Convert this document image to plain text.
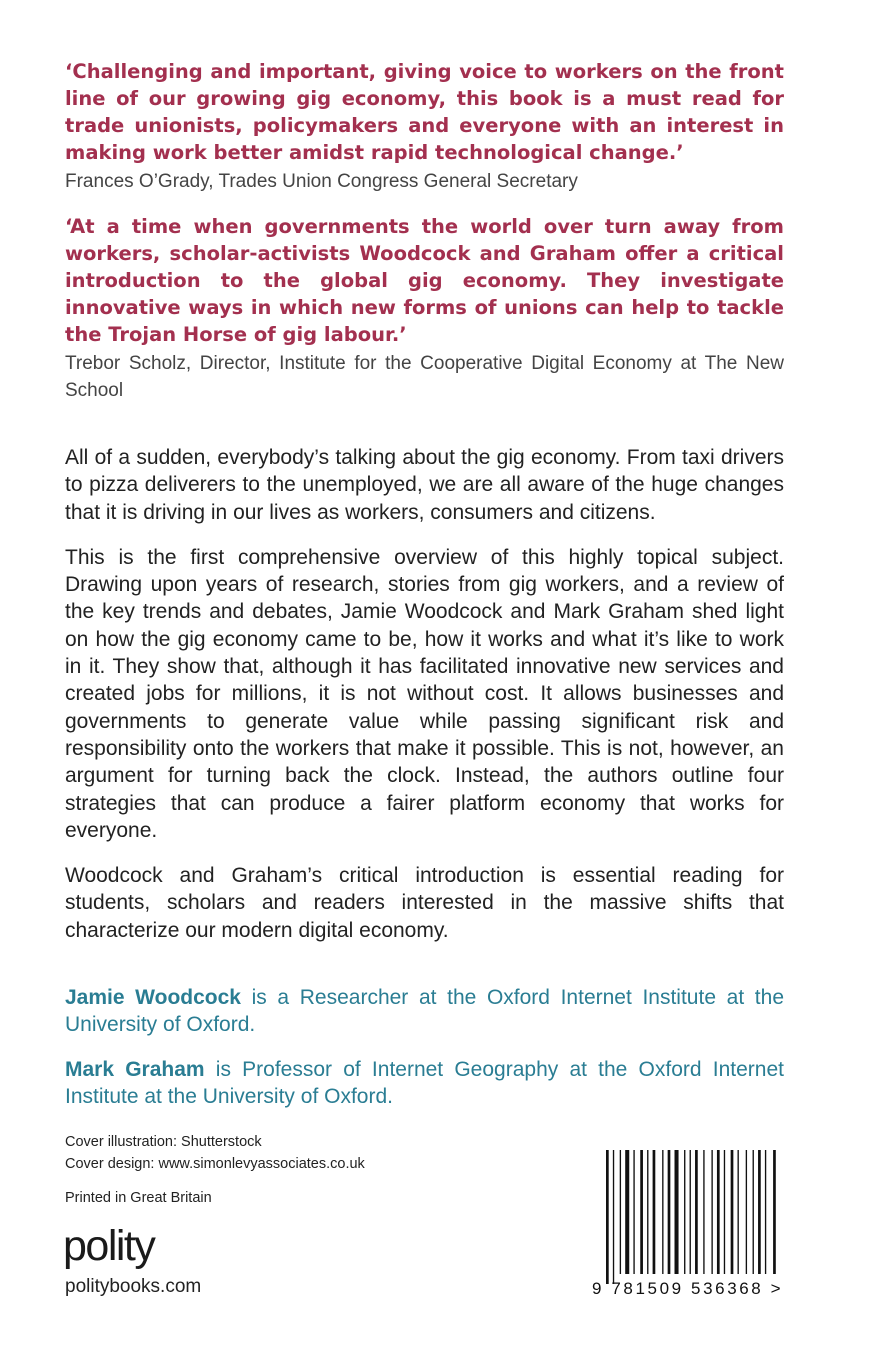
‘Challenging and important, giving voice to workers on the front line of our growing gig economy, this book is a must read for trade unionists, policymakers and everyone with an interest in making work better amidst rapid technological change.’

Frances O’Grady, Trades Union Congress General Secretary

‘At a time when governments the world over turn away from workers, scholar-activists Woodcock and Graham offer a critical introduction to the global gig economy. They investigate innovative ways in which new forms of unions can help to tackle the Trojan Horse of gig labour.’

Trebor Scholz, Director, Institute for the Cooperative Digital Economy at The New School

All of a sudden, everybody’s talking about the gig economy. From taxi drivers to pizza deliverers to the unemployed, we are all aware of the huge changes that it is driving in our lives as workers, consumers and citizens.

This is the first comprehensive overview of this highly topical subject. Drawing upon years of research, stories from gig workers, and a review of the key trends and debates, Jamie Woodcock and Mark Graham shed light on how the gig economy came to be, how it works and what it’s like to work in it. They show that, although it has facilitated innovative new services and created jobs for millions, it is not without cost. It allows businesses and governments to generate value while passing significant risk and responsibility onto the workers that make it possible. This is not, however, an argument for turning back the clock. Instead, the authors outline four strategies that can produce a fairer platform economy that works for everyone.

Woodcock and Graham’s critical introduction is essential reading for students, scholars and readers interested in the massive shifts that characterize our modern digital economy.

Jamie Woodcock is a Researcher at the Oxford Internet Institute at the University of Oxford.

Mark Graham is Professor of Internet Geography at the Oxford Internet Institute at the University of Oxford.

Cover illustration: Shutterstock
Cover design: www.simonlevyassociates.co.uk
Printed in Great Britain
polity
politybooks.com	9 781509 536368 >
